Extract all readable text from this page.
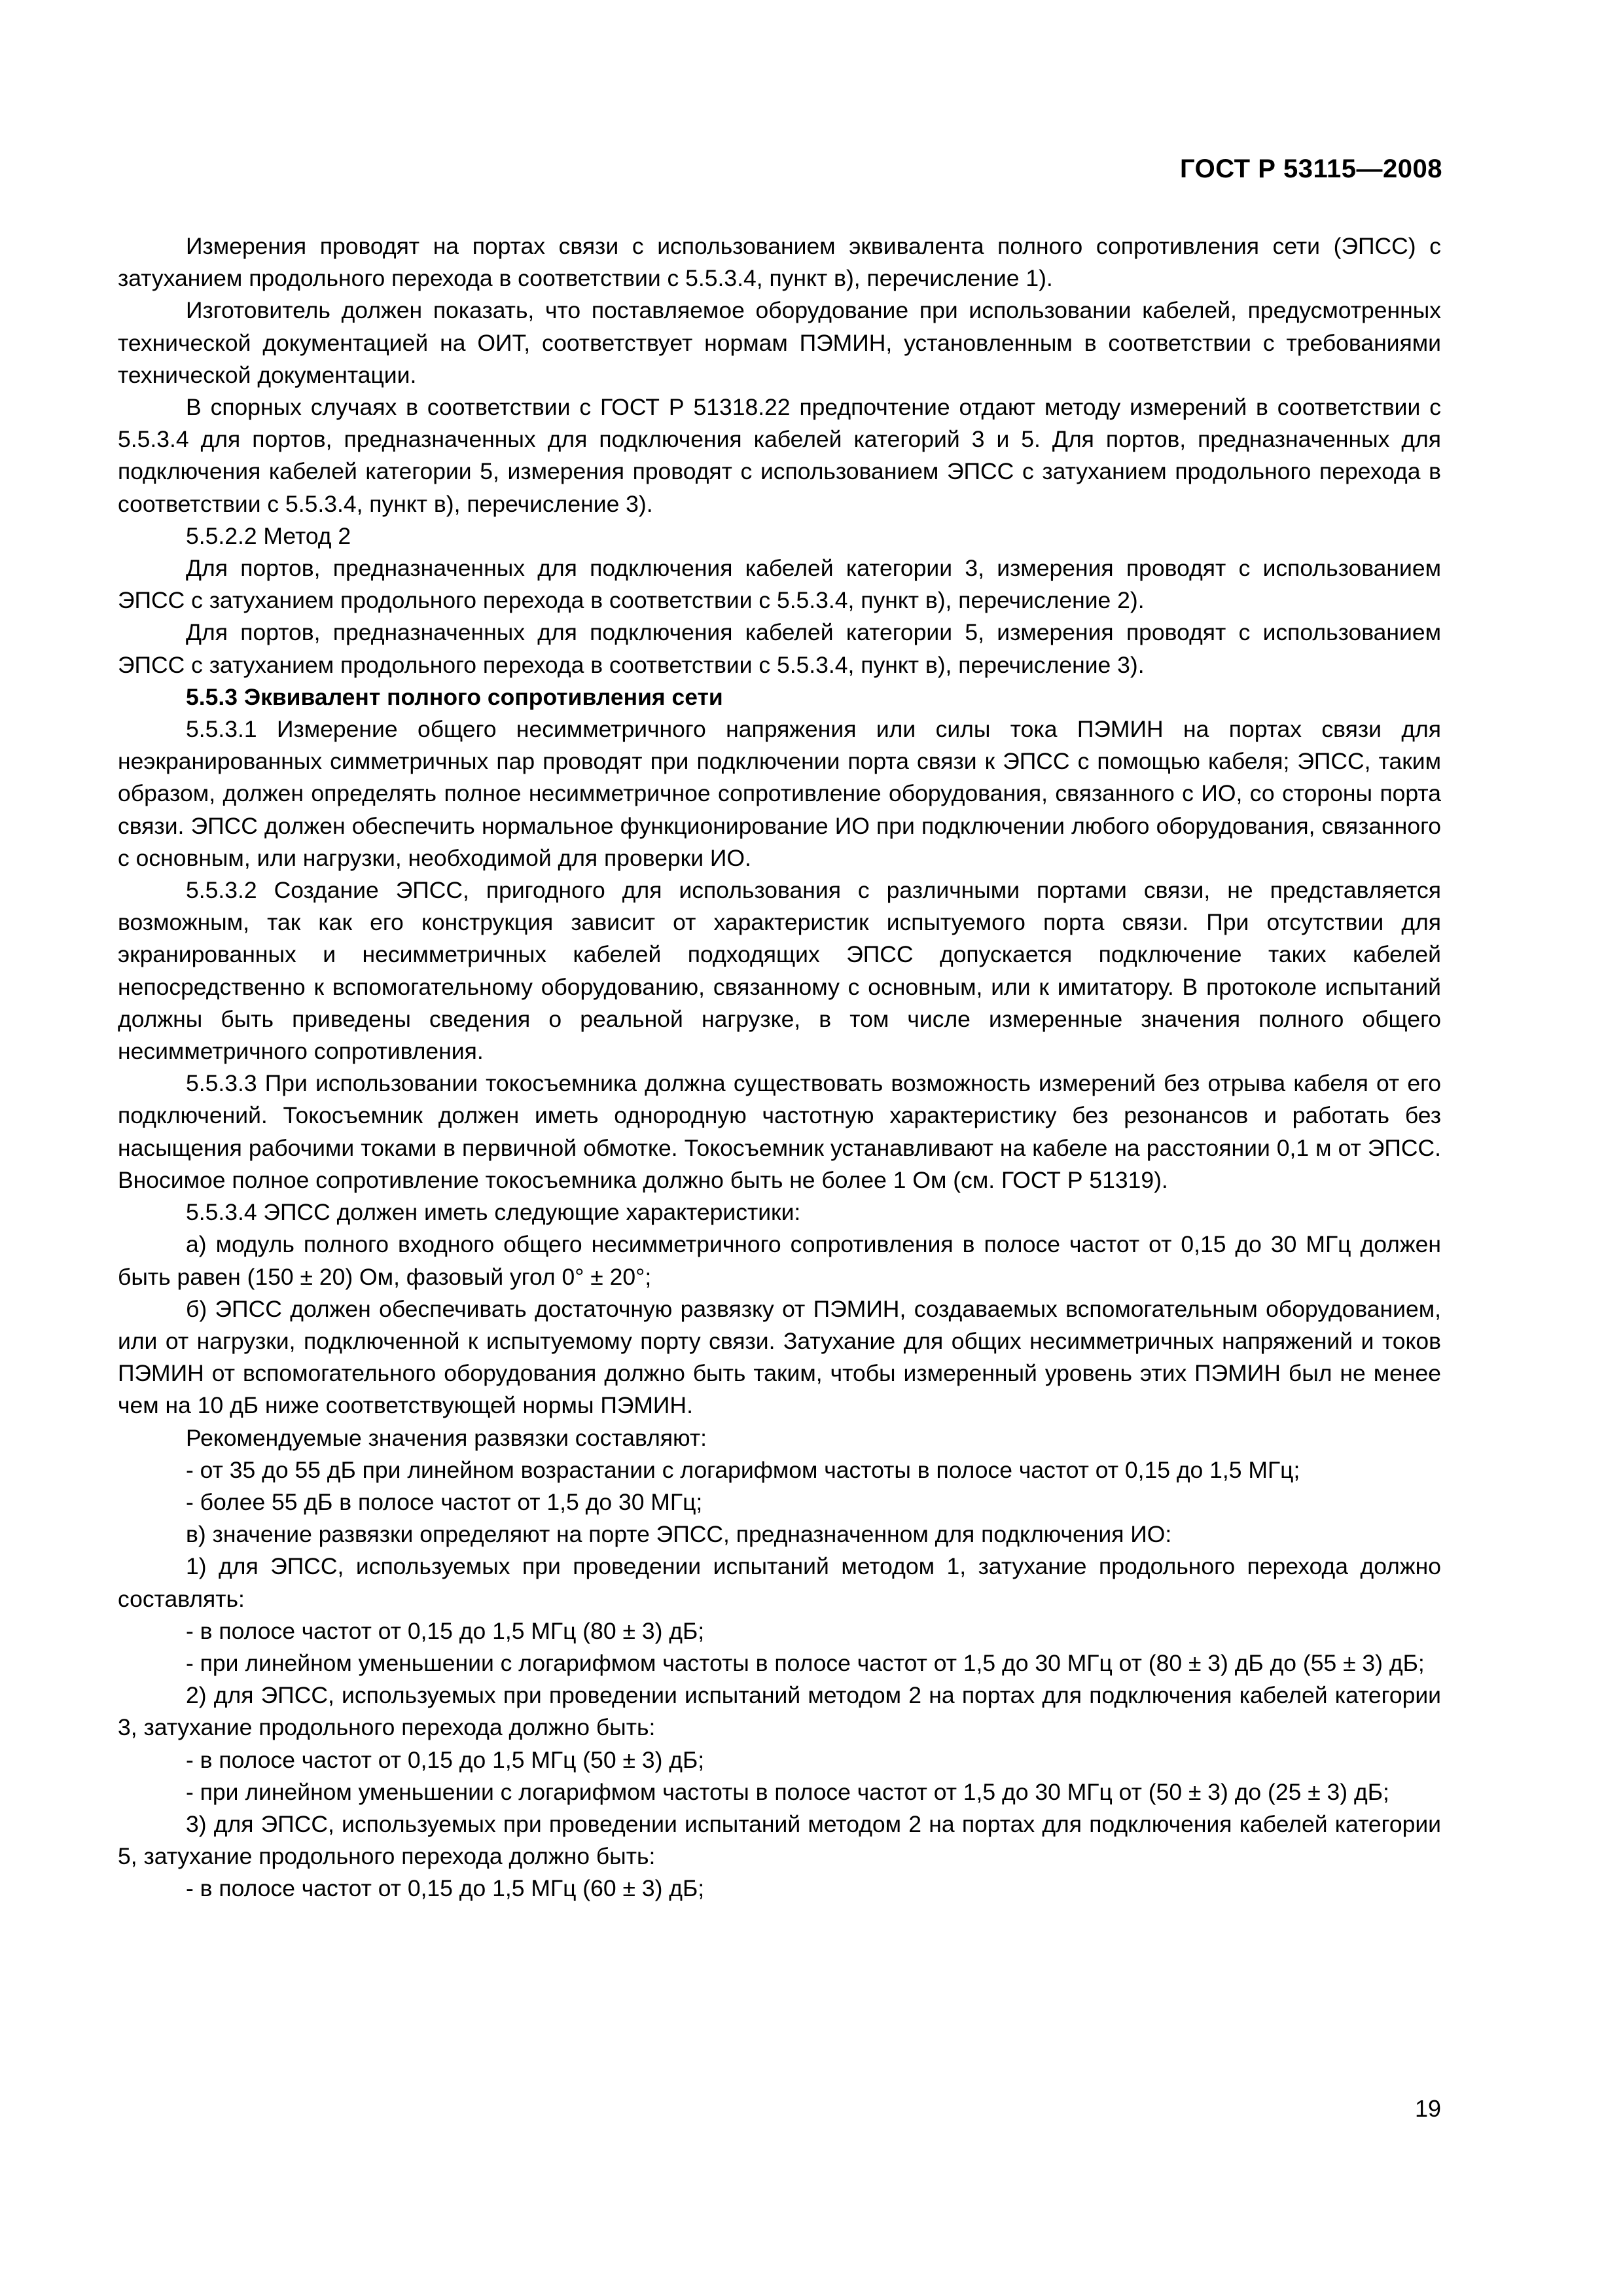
ГОСТ Р 53115—2008

Измерения проводят на портах связи с использованием эквивалента полного сопротивления сети (ЭПСС) с затуханием продольного перехода в соответствии с 5.5.3.4, пункт в), перечисление 1).

Изготовитель должен показать, что поставляемое оборудование при использовании кабелей, предусмотренных технической документацией на ОИТ, соответствует нормам ПЭМИН, установленным в соответствии с требованиями технической документации.

В спорных случаях в соответствии с ГОСТ Р 51318.22 предпочтение отдают методу измерений в соответствии с 5.5.3.4 для портов, предназначенных для подключения кабелей категорий 3 и 5. Для портов, предназначенных для подключения кабелей категории 5, измерения проводят с использованием ЭПСС с затуханием продольного перехода в соответствии с 5.5.3.4, пункт в), перечисление 3).

5.5.2.2 Метод 2

Для портов, предназначенных для подключения кабелей категории 3, измерения проводят с использованием ЭПСС с затуханием продольного перехода в соответствии с 5.5.3.4, пункт в), перечисление 2).

Для портов, предназначенных для подключения кабелей категории 5, измерения проводят с использованием ЭПСС с затуханием продольного перехода в соответствии с 5.5.3.4, пункт в), перечисление 3).

5.5.3 Эквивалент полного сопротивления сети

5.5.3.1 Измерение общего несимметричного напряжения или силы тока ПЭМИН на портах связи для неэкранированных симметричных пар проводят при подключении порта связи к ЭПСС с помощью кабеля; ЭПСС, таким образом, должен определять полное несимметричное сопротивление оборудования, связанного с ИО, со стороны порта связи. ЭПСС должен обеспечить нормальное функционирование ИО при подключении любого оборудования, связанного с основным, или нагрузки, необходимой для проверки ИО.

5.5.3.2 Создание ЭПСС, пригодного для использования с различными портами связи, не представляется возможным, так как его конструкция зависит от характеристик испытуемого порта связи. При отсутствии для экранированных и несимметричных кабелей подходящих ЭПСС допускается подключение таких кабелей непосредственно к вспомогательному оборудованию, связанному с основным, или к имитатору. В протоколе испытаний должны быть приведены сведения о реальной нагрузке, в том числе измеренные значения полного общего несимметричного сопротивления.

5.5.3.3 При использовании токосъемника должна существовать возможность измерений без отрыва кабеля от его подключений. Токосъемник должен иметь однородную частотную характеристику без резонансов и работать без насыщения рабочими токами в первичной обмотке. Токосъемник устанавливают на кабеле на расстоянии 0,1 м от ЭПСС. Вносимое полное сопротивление токосъемника должно быть не более 1 Ом (см. ГОСТ Р 51319).

5.5.3.4 ЭПСС должен иметь следующие характеристики:

а) модуль полного входного общего несимметричного сопротивления в полосе частот от 0,15 до 30 МГц должен быть равен (150 ± 20) Ом, фазовый угол 0° ± 20°;

б) ЭПСС должен обеспечивать достаточную развязку от ПЭМИН, создаваемых вспомогательным оборудованием, или от нагрузки, подключенной к испытуемому порту связи. Затухание для общих несимметричных напряжений и токов ПЭМИН от вспомогательного оборудования должно быть таким, чтобы измеренный уровень этих ПЭМИН был не менее чем на 10 дБ ниже соответствующей нормы ПЭМИН.

Рекомендуемые значения развязки составляют:

- от 35 до 55 дБ при линейном возрастании с логарифмом частоты в полосе частот от 0,15 до 1,5 МГц;

- более 55 дБ в полосе частот от 1,5 до 30 МГц;

в) значение развязки определяют на порте ЭПСС, предназначенном для подключения ИО:

1) для ЭПСС, используемых при проведении испытаний методом 1, затухание продольного перехода должно составлять:

- в полосе частот от 0,15 до 1,5 МГц (80 ± 3) дБ;

- при линейном уменьшении с логарифмом частоты в полосе частот от 1,5 до 30 МГц от (80 ± 3) дБ до (55 ± 3) дБ;

2) для ЭПСС, используемых при проведении испытаний методом 2 на портах для подключения кабелей категории 3, затухание продольного перехода должно быть:

- в полосе частот от 0,15 до 1,5 МГц (50 ± 3) дБ;

- при линейном уменьшении с логарифмом частоты в полосе частот от 1,5 до 30 МГц от (50 ± 3) до (25 ± 3) дБ;

3) для ЭПСС, используемых при проведении испытаний методом 2 на портах для подключения кабелей категории 5, затухание продольного перехода должно быть:

- в полосе частот от 0,15 до 1,5 МГц (60 ± 3) дБ;

19
